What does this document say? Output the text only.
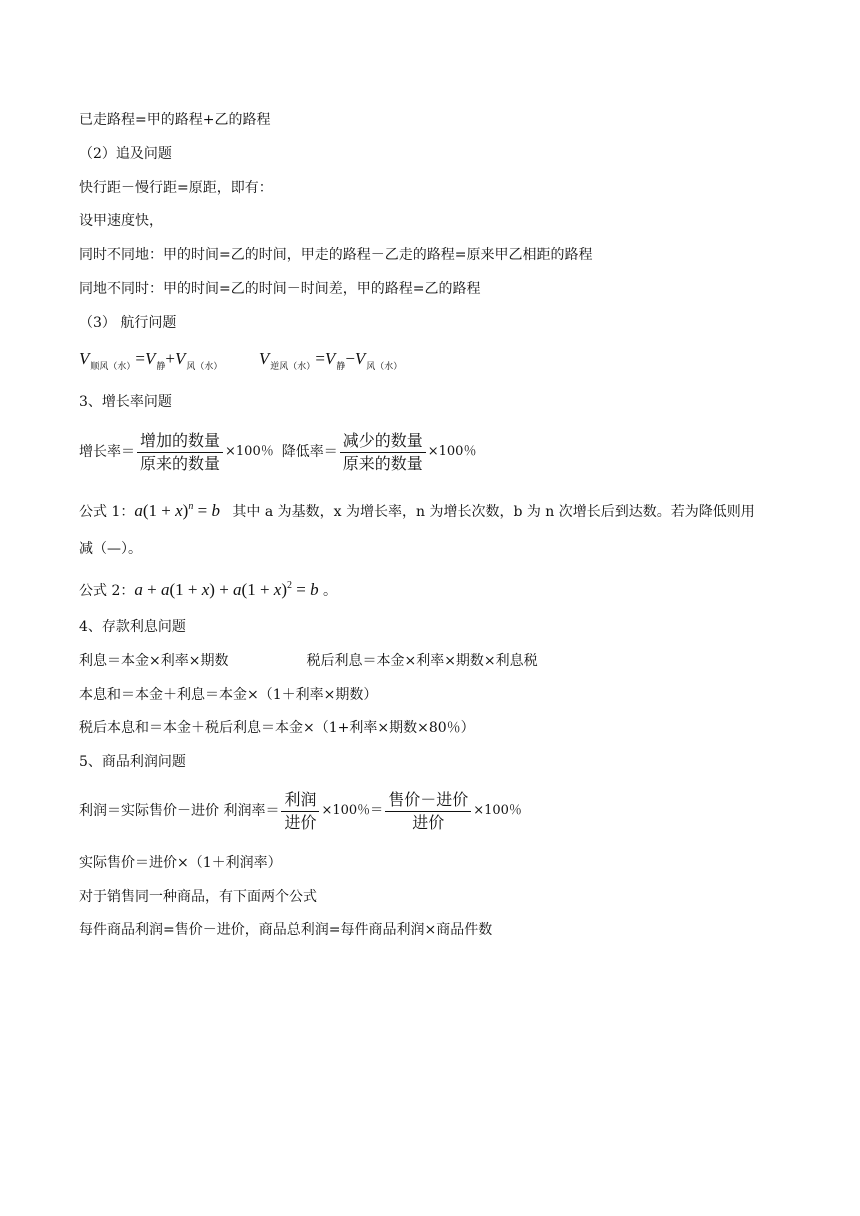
已走路程=甲的路程+乙的路程
（2）追及问题
快行距－慢行距=原距，即有：
设甲速度快，
同时不同地：甲的时间=乙的时间，甲走的路程－乙走的路程=原来甲乙相距的路程
同地不同时：甲的时间=乙的时间－时间差，甲的路程=乙的路程
（3） 航行问题
$V_{顺风(水)}=V_静+V_{风(水)}$ $V_{逆风(水)}=V_静-V_{风(水)}$
3、增长率问题
增长率＝ $\frac{\text{增加的数量}}{\text{原来的数量}} \times 100$％ 降低率＝ $\frac{\text{减少的数量}}{\text{原来的数量}} \times 100$％
公式 1：$a(1 + x)^n = b$ 其中 a 为基数，x 为增长率，n 为增长次数，b 为 n 次增长后到达数。若为降低则用
减（—）。
公式 2：$a + a(1 + x) + a(1 + x)^2 = b$ 。
4、存款利息问题
利息＝本金×利率×期数	税后利息＝本金×利率×期数×利息税
本息和＝本金＋利息＝本金×（1＋利率×期数）
税后本息和＝本金＋税后利息＝本金×（1+利率×期数×80％）
5、商品利润问题
利润＝实际售价－进价 利润率＝ $\frac{\text{利润}}{\text{进价}} \times 100$％＝ $\frac{\text{售价－进价}}{\text{进价}} \times 100$％
实际售价＝进价×（1＋利润率）
对于销售同一种商品，有下面两个公式
每件商品利润=售价－进价，商品总利润=每件商品利润×商品件数
